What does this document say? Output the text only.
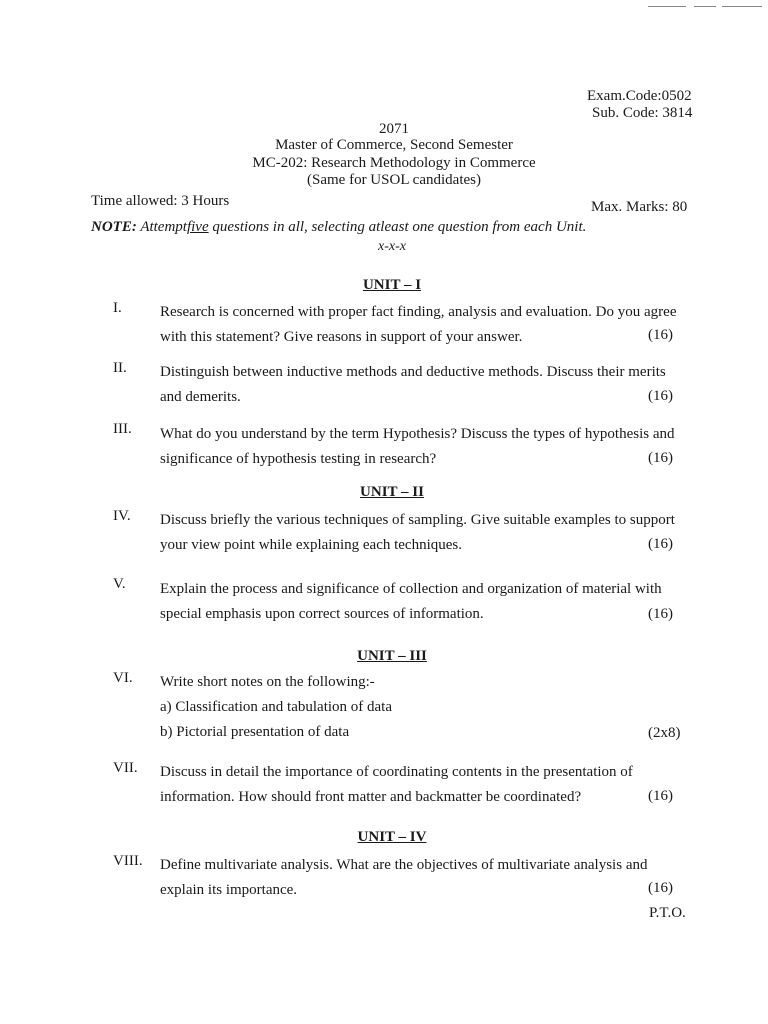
Exam.Code:0502
Sub. Code: 3814
2071
Master of Commerce, Second Semester
MC-202: Research Methodology in Commerce
(Same for USOL candidates)
Time allowed: 3 Hours	Max. Marks: 80
NOTE: Attemptfive questions in all, selecting atleast one question from each Unit.
x-x-x
UNIT – I
I.	Research is concerned with proper fact finding, analysis and evaluation. Do you agree
with this statement? Give reasons in support of your answer.	(16)
II. Distinguish between inductive methods and deductive methods. Discuss their merits
and demerits.	(16)
III. What do you understand by the term Hypothesis? Discuss the types of hypothesis and
significance of hypothesis testing in research?	(16)
UNIT – II
IV. Discuss briefly the various techniques of sampling. Give suitable examples to support
your view point while explaining each techniques.	(16)
V. Explain the process and significance of collection and organization of material with
special emphasis upon correct sources of information.	(16)
UNIT – III
VI. Write short notes on the following:-
a) Classification and tabulation of data
b) Pictorial presentation of data	(2x8)
VII. Discuss in detail the importance of coordinating contents in the presentation of
information. How should front matter and backmatter be coordinated?	(16)
UNIT – IV
VIII. Define multivariate analysis. What are the objectives of multivariate analysis and
explain its importance.	(16)
P.T.O.
